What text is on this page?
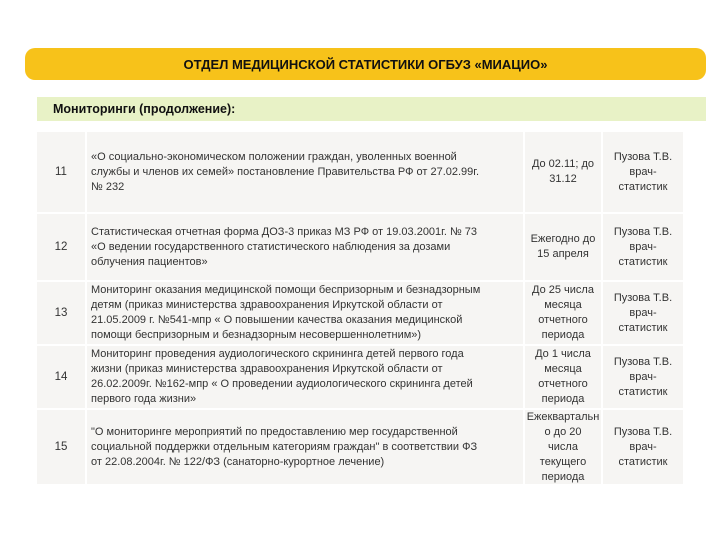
ОТДЕЛ МЕДИЦИНСКОЙ СТАТИСТИКИ ОГБУЗ «МИАЦИО»
Мониторинги (продолжение):
11
«О социально-экономическом положении граждан, уволенных военной
службы и членов их семей» постановление Правительства РФ от 27.02.99г.
№ 232
До 02.11; до
31.12
Пузова Т.В.
врач-
статистик
12
Статистическая отчетная форма ДОЗ-3 приказ МЗ РФ от 19.03.2001г. № 73
«О ведении государственного статистического наблюдения за дозами
облучения пациентов»
Ежегодно до
15 апреля
Пузова Т.В.
врач-
статистик
13
Мониторинг оказания медицинской помощи беспризорным и безнадзорным
детям (приказ министерства здравоохранения Иркутской области от
21.05.2009 г. №541-мпр « О повышении качества оказания медицинской
помощи беспризорным и безнадзорным несовершеннолетним»)
До 25 числа
месяца
отчетного
периода
Пузова Т.В.
врач-
статистик
14
Мониторинг проведения аудиологического скрининга детей первого года
жизни (приказ министерства здравоохранения Иркутской области от
26.02.2009г. №162-мпр « О проведении аудиологического скрининга детей
первого года жизни»
До 1 числа
месяца
отчетного
периода
Пузова Т.В.
врач-
статистик
15
"О мониторинге мероприятий по предоставлению мер государственной
социальной поддержки отдельным категориям граждан" в соответствии ФЗ
от 22.08.2004г. № 122/ФЗ (санаторно-курортное лечение)
Ежеквартальн
о до 20
числа
текущего
периода
Пузова Т.В.
врач-
статистик
